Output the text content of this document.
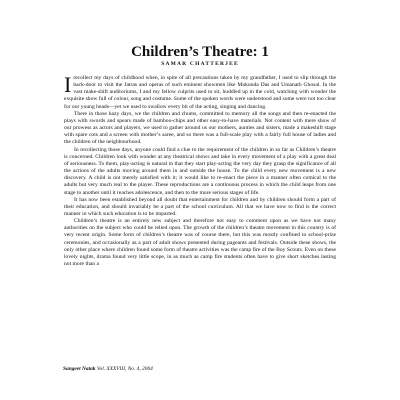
Children’s Theatre: 1
SAMAR CHATTERJEE

Irecollect my days of childhood when, in spite of all precautions taken by my grandfather, I used to slip through the back-door to visit the Jatras and operas of such eminent showmen like Mukunda Das and Umanath Ghosal. In the vast make-shift auditoriums, I and my fellow culprits used to sit, huddled up in the cold, watching with wonder the exquisite show full of colour, song and costume. Some of the spoken words were understood and some were not too clear for our young heads—yet we used to swallow every bit of the acting, singing and dancing.

There in those hazy days, we the children and chums, committed to memory all the songs and then re-enacted the plays with swords and spears made of bamboo-chips and other easy-to-have materials. Not content with mere show of our prowess as actors and players, we used to gather around us our mothers, aunties and sisters, made a makeshift stage with spare cots and a screen with mother’s saree, and so there was a full-scale play with a fairly full house of ladies and the children of the neighbourhood.

In recollecting those days, anyone could find a clue to the requirement of the children in so far as Children’s theatre is concerned. Children look with wonder at any theatrical shows and take in every movement of a play with a great deal of seriousness. To them, play-acting is natural in that they start play-acting the very day they grasp the significance of all the actions of the adults moving around them in and outside the house. To the child every new movement is a new discovery. A child is not merely satisfied with it; it would like to re-enact the piece in a manner often comical to the adults but very much real to the player. These reproductions are a continuous process in which the child leaps from one stage to another until it reaches adolescence, and then to the more serious stages of life.

It has now been established beyond all doubt that entertainment for children and by children should form a part of their education, and should invariably be a part of the school curriculum. All that we have now to find is the correct manner in which such education is to be imparted.

Children’s theatre is an entirely new subject and therefore not easy to comment upon as we have not many authorities on the subject who could be relied upon. The growth of the children’s theatre movement in this country is of very recent origin. Some form of children’s theatre was of course there, but this was mostly confined to school-prize ceremonies, and occasionally as a part of adult shows presented during pageants and festivals. Outside these shows, the only other place where children found some form of theatre activities was the camp fire of the Boy Scouts. Even on these lovely nights, drama found very little scope, in as much as camp fire students often have to give short sketches lasting not more than a

Sangeet Natak Vol. XXXVIII, No. 4, 2004
